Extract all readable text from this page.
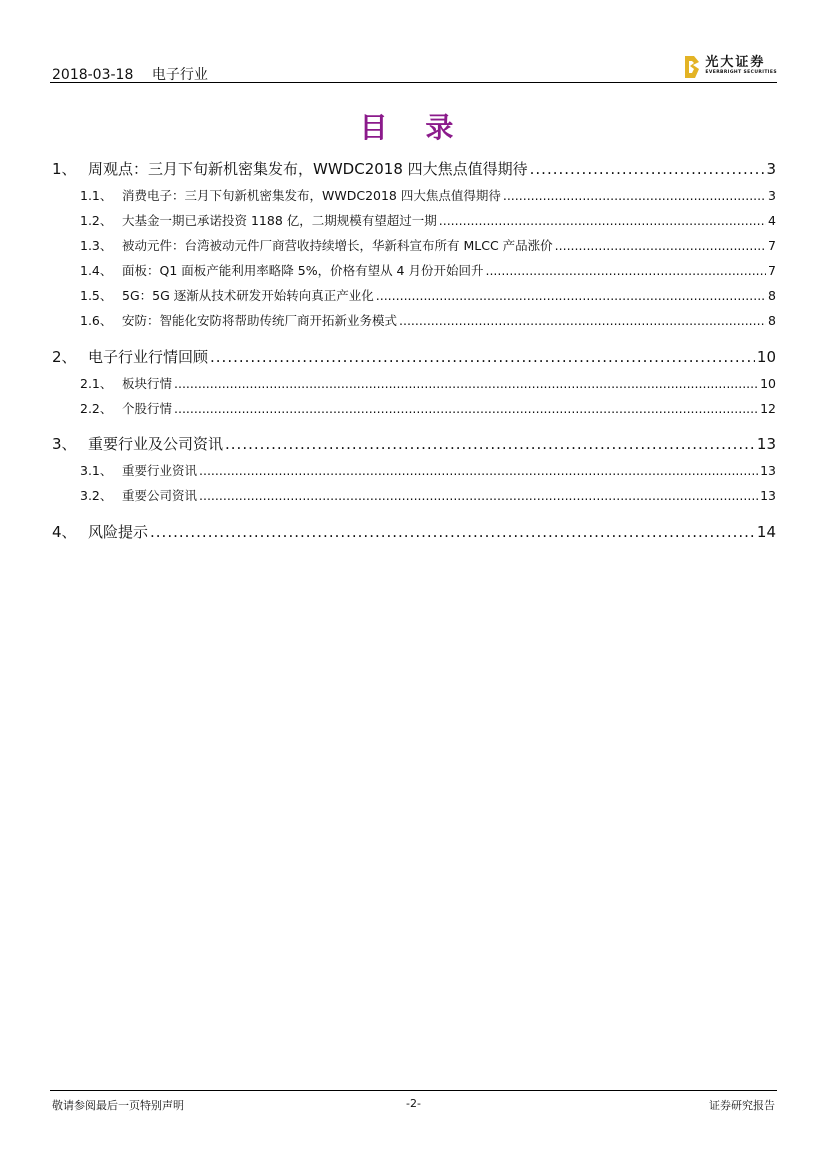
2018-03-18 电子行业
光大证券
EVERBRIGHT SECURITIES
目 录
1、 周观点：三月下旬新机密集发布，WWDC2018 四大焦点值得期待 .....	3
1.1、 消费电子：三月下旬新机密集发布，WWDC2018 四大焦点值得期待 .....	3
1.2、 大基金一期已承诺投资 1188 亿，二期规模有望超过一期 .....	4
1.3、 被动元件：台湾被动元件厂商营收持续增长，华新科宣布所有 MLCC 产品涨价 .....	7
1.4、 面板：Q1 面板产能利用率略降 5%，价格有望从 4 月份开始回升 .....	7
1.5、 5G：5G 逐渐从技术研发开始转向真正产业化 .....	8
1.6、 安防：智能化安防将帮助传统厂商开拓新业务模式 .....	8
2、 电子行业行情回顾 .....	10
2.1、 板块行情 .....	10
2.2、 个股行情 .....	12
3、 重要行业及公司资讯 .....	13
3.1、 重要行业资讯 .....	13
3.2、 重要公司资讯 .....	13
4、 风险提示 .....	14
敬请参阅最后一页特别声明	-2-	证券研究报告
